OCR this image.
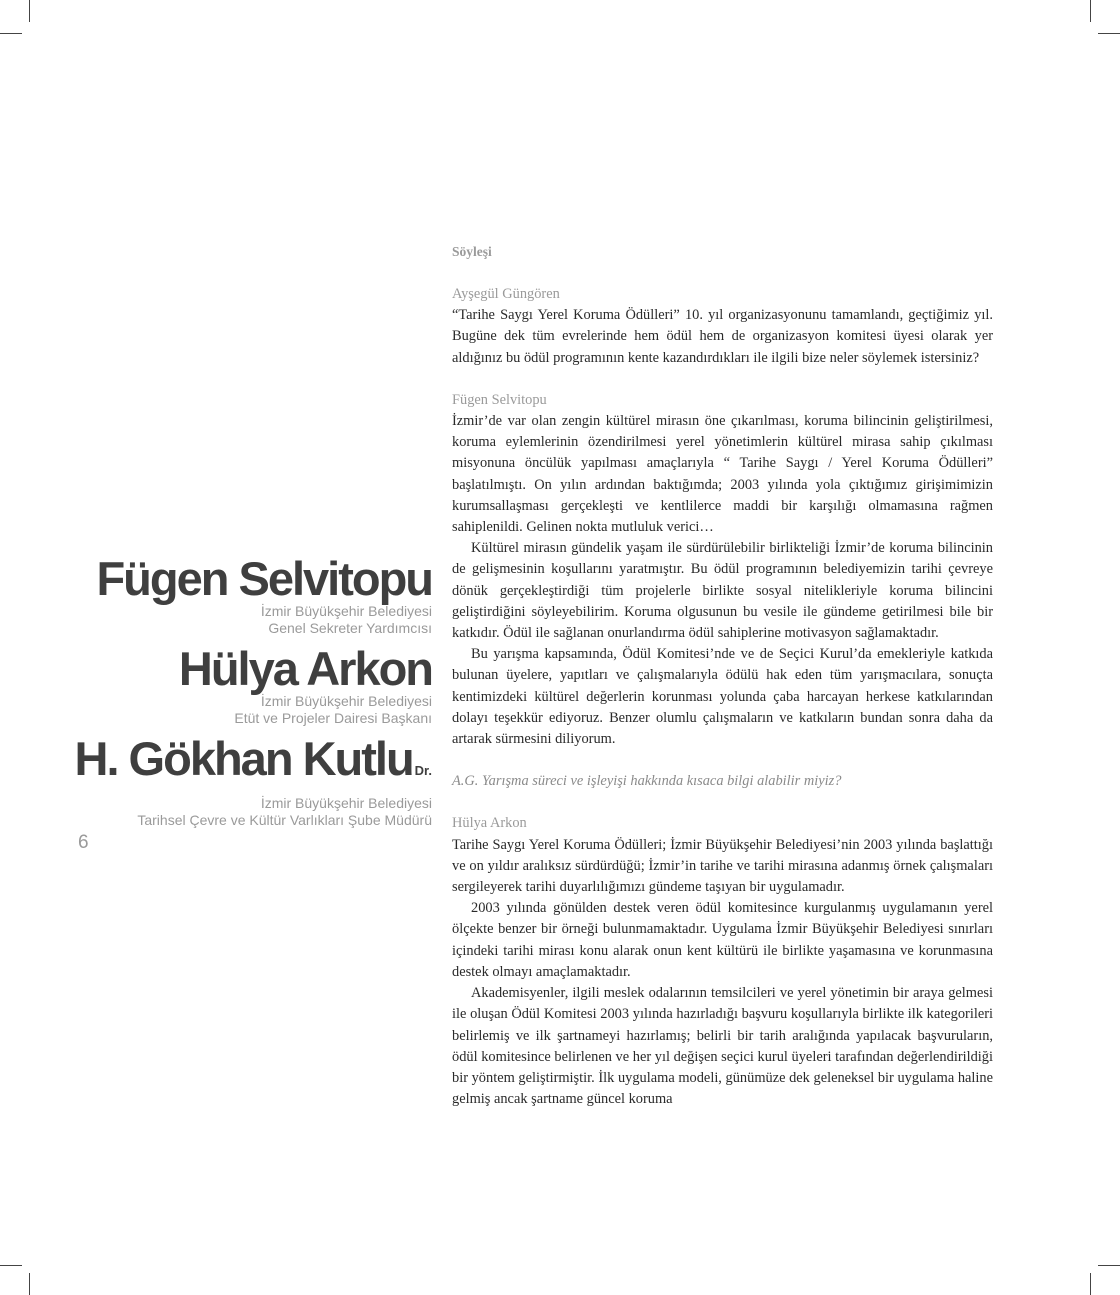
Söyleşi
Fügen Selvitopu
İzmir Büyükşehir Belediyesi
Genel Sekreter Yardımcısı
Hülya Arkon
İzmir Büyükşehir Belediyesi
Etüt ve Projeler Dairesi Başkanı
H. Gökhan Kutlu Dr.
İzmir Büyükşehir Belediyesi
Tarihsel Çevre ve Kültür Varlıkları Şube Müdürü
6

Ayşegül Güngören

“Tarihe Saygı Yerel Koruma Ödülleri” 10. yıl organizasyonunu tamamlandı, geçtiğimiz yıl. Bugüne dek tüm evrelerinde hem ödül hem de organizasyon komitesi üyesi olarak yer aldığınız bu ödül programının kente kazandırdıkları ile ilgili bize neler söylemek istersiniz?

Fügen Selvitopu

İzmir’de var olan zengin kültürel mirasın öne çıkarılması, koruma bilincinin geliştirilmesi, koruma eylemlerinin özendirilmesi yerel yönetimlerin kültürel mirasa sahip çıkılması misyonuna öncülük yapılması amaçlarıyla “ Tarihe Saygı / Yerel Koruma Ödülleri” başlatılmıştı. On yılın ardından baktığımda; 2003 yılında yola çıktığımız girişimimizin kurumsallaşması gerçekleşti ve kentlilerce maddi bir karşılığı olmamasına rağmen sahiplenildi. Gelinen nokta mutluluk verici…

Kültürel mirasın gündelik yaşam ile sürdürülebilir birlikteliği İzmir’de koruma bilincinin de gelişmesinin koşullarını yaratmıştır. Bu ödül programının belediyemizin tarihi çevreye dönük gerçekleştirdiği tüm projelerle birlikte sosyal nitelikleriyle koruma bilincini geliştirdiğini söyleyebilirim. Koruma olgusunun bu vesile ile gündeme getirilmesi bile bir katkıdır. Ödül ile sağlanan onurlandırma ödül sahiplerine motivasyon sağlamaktadır.

Bu yarışma kapsamında, Ödül Komitesi’nde ve de Seçici Kurul’da emekleriyle katkıda bulunan üyelere, yapıtları ve çalışmalarıyla ödülü hak eden tüm yarışmacılara, sonuçta kentimizdeki kültürel değerlerin korunması yolunda çaba harcayan herkese katkılarından dolayı teşekkür ediyoruz. Benzer olumlu çalışmaların ve katkıların bundan sonra daha da artarak sürmesini diliyorum.

A.G. Yarışma süreci ve işleyişi hakkında kısaca bilgi alabilir miyiz?

Hülya Arkon

Tarihe Saygı Yerel Koruma Ödülleri; İzmir Büyükşehir Belediyesi’nin 2003 yılında başlattığı ve on yıldır aralıksız sürdürdüğü; İzmir’in tarihe ve tarihi mirasına adanmış örnek çalışmaları sergileyerek tarihi duyarlılığımızı gündeme taşıyan bir uygulamadır.

2003 yılında gönülden destek veren ödül komitesince kurgulanmış uygulamanın yerel ölçekte benzer bir örneği bulunmamaktadır. Uygulama İzmir Büyükşehir Belediyesi sınırları içindeki tarihi mirası konu alarak onun kent kültürü ile birlikte yaşamasına ve korunmasına destek olmayı amaçlamaktadır.

Akademisyenler, ilgili meslek odalarının temsilcileri ve yerel yönetimin bir araya gelmesi ile oluşan Ödül Komitesi 2003 yılında hazırladığı başvuru koşullarıyla birlikte ilk kategorileri belirlemiş ve ilk şartnameyi hazırlamış; belirli bir tarih aralığında yapılacak başvuruların, ödül komitesince belirlenen ve her yıl değişen seçici kurul üyeleri tarafından değerlendirildiği bir yöntem geliştirmiştir. İlk uygulama modeli, günümüze dek geleneksel bir uygulama haline gelmiş ancak şartname güncel koruma
